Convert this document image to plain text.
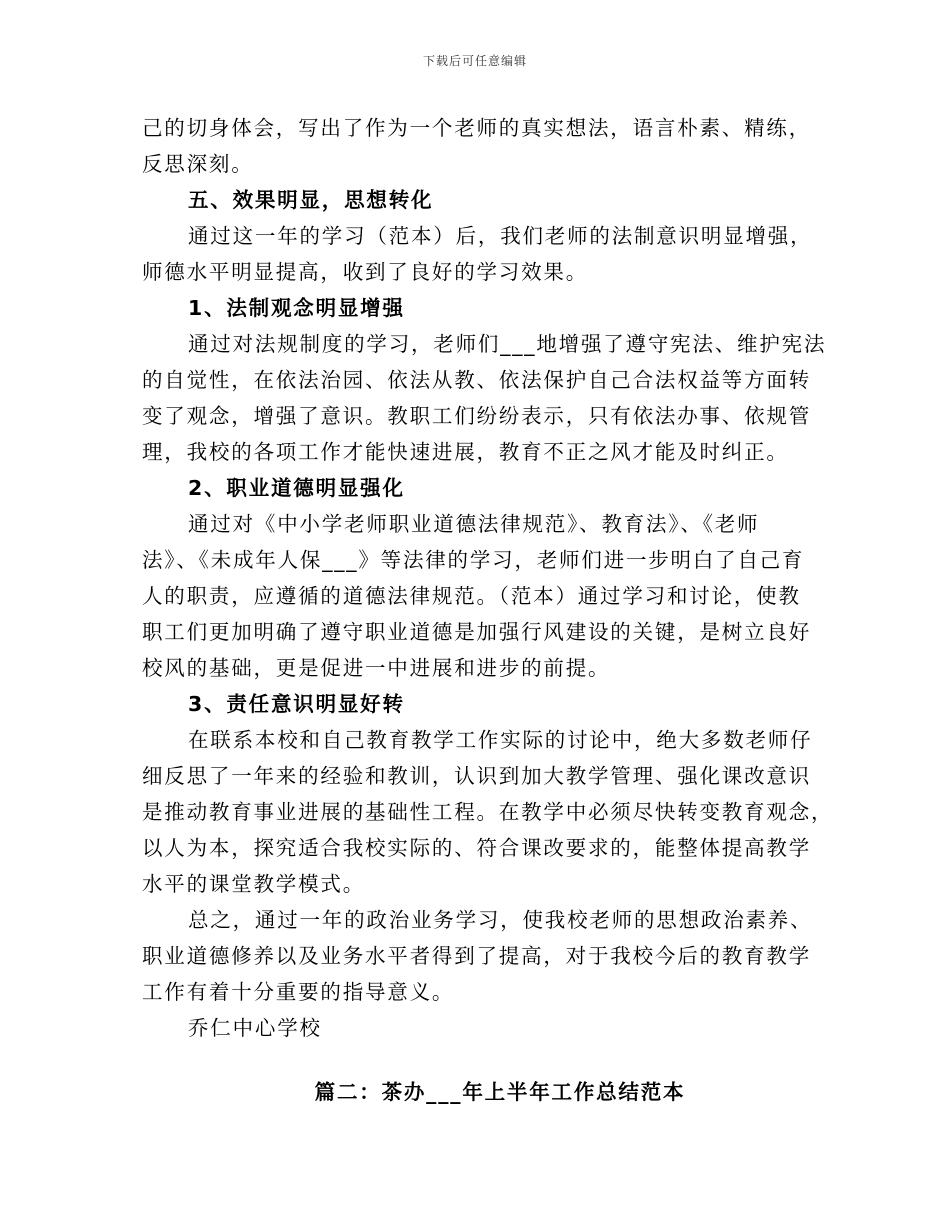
下载后可任意编辑
己的切身体会，写出了作为一个老师的真实想法，语言朴素、精练，
反思深刻。
五、效果明显，思想转化
通过这一年的学习（范本）后，我们老师的法制意识明显增强，
师德水平明显提高，收到了良好的学习效果。
1、法制观念明显增强
通过对法规制度的学习，老师们___地增强了遵守宪法、维护宪法
的自觉性，在依法治园、依法从教、依法保护自己合法权益等方面转
变了观念，增强了意识。教职工们纷纷表示，只有依法办事、依规管
理，我校的各项工作才能快速进展，教育不正之风才能及时纠正。
2、职业道德明显强化
通过对《中小学老师职业道德法律规范》、教育法》、《老师
法》、《未成年人保___》等法律的学习，老师们进一步明白了自己育
人的职责，应遵循的道德法律规范。（范本）通过学习和讨论，使教
职工们更加明确了遵守职业道德是加强行风建设的关键，是树立良好
校风的基础，更是促进一中进展和进步的前提。
3、责任意识明显好转
在联系本校和自己教育教学工作实际的讨论中，绝大多数老师仔
细反思了一年来的经验和教训，认识到加大教学管理、强化课改意识
是推动教育事业进展的基础性工程。在教学中必须尽快转变教育观念，
以人为本，探究适合我校实际的、符合课改要求的，能整体提高教学
水平的课堂教学模式。
总之，通过一年的政治业务学习，使我校老师的思想政治素养、
职业道德修养以及业务水平者得到了提高，对于我校今后的教育教学
工作有着十分重要的指导意义。
乔仁中心学校
篇二：茶办___年上半年工作总结范本
